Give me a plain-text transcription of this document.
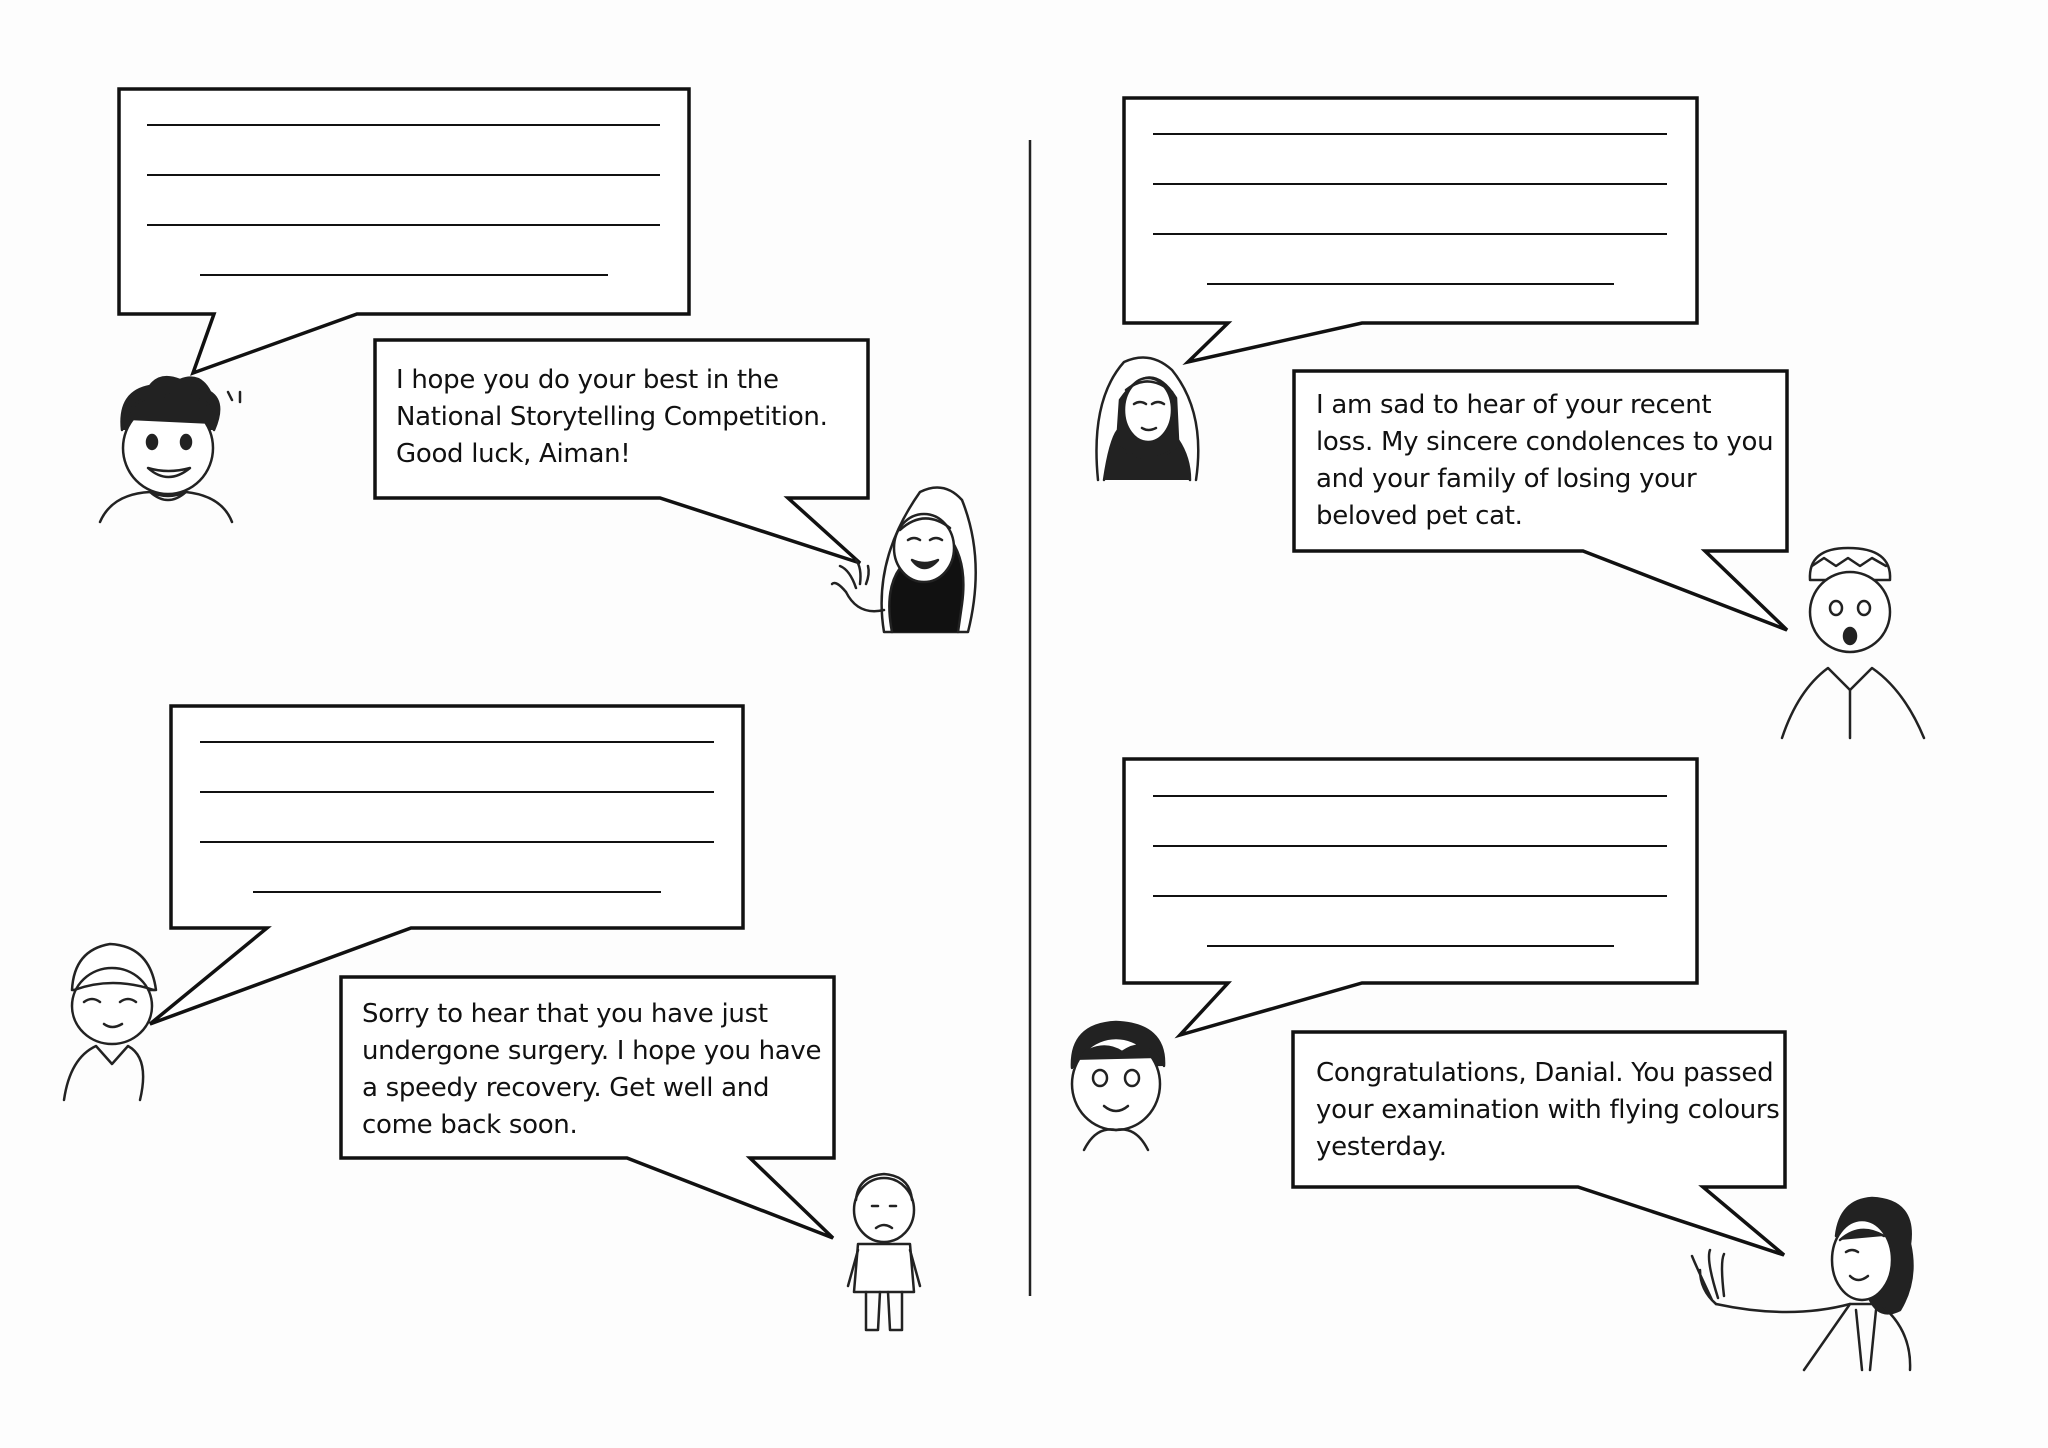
I hope you do your best in the
National Storytelling Competition.
Good luck, Aiman!
I am sad to hear of your recent
loss. My sincere condolences to you
and your family of losing your
beloved pet cat.
Sorry to hear that you have just
undergone surgery. I hope you have
a speedy recovery. Get well and
come back soon.
Congratulations, Danial. You passed
your examination with flying colours
yesterday.
